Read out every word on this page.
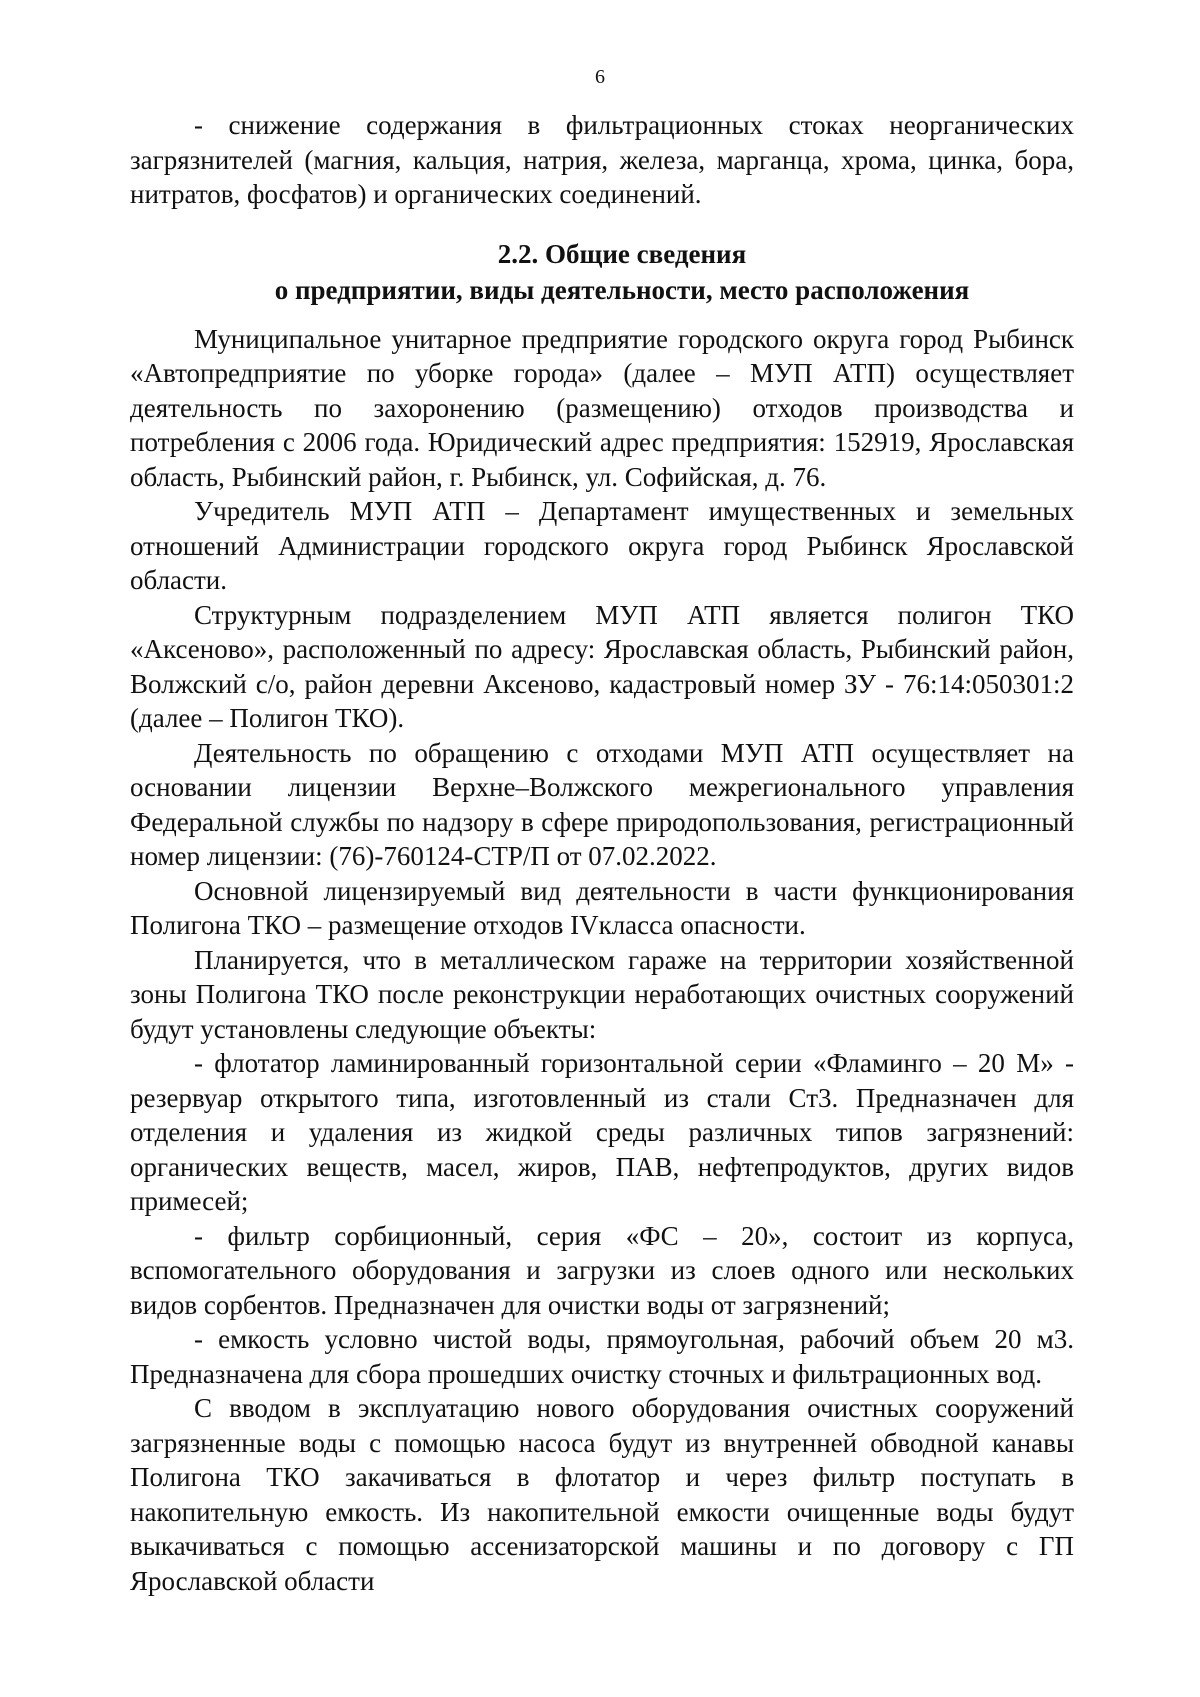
6

- снижение содержания в фильтрационных стоках неорганических загрязнителей (магния, кальция, натрия, железа, марганца, хрома, цинка, бора, нитратов, фосфатов) и органических соединений.

2.2. Общие сведения
о предприятии, виды деятельности, место расположения

Муниципальное унитарное предприятие городского округа город Рыбинск «Автопредприятие по уборке города» (далее – МУП АТП) осуществляет деятельность по захоронению (размещению) отходов производства и потребления с 2006 года. Юридический адрес предприятия: 152919, Ярославская область, Рыбинский район, г. Рыбинск, ул. Софийская, д. 76.

Учредитель МУП АТП – Департамент имущественных и земельных отношений Администрации городского округа город Рыбинск Ярославской области.

Структурным подразделением МУП АТП является полигон ТКО «Аксеново», расположенный по адресу: Ярославская область, Рыбинский район, Волжский с/о, район деревни Аксеново, кадастровый номер ЗУ - 76:14:050301:2 (далее – Полигон ТКО).

Деятельность по обращению с отходами МУП АТП осуществляет на основании лицензии Верхне–Волжского межрегионального управления Федеральной службы по надзору в сфере природопользования, регистрационный номер лицензии: (76)-760124-СТР/П от 07.02.2022.

Основной лицензируемый вид деятельности в части функционирования Полигона ТКО – размещение отходов IVкласса опасности.

Планируется, что в металлическом гараже на территории хозяйственной зоны Полигона ТКО после реконструкции неработающих очистных сооружений будут установлены следующие объекты:

- флотатор ламинированный горизонтальной серии «Фламинго – 20 М» - резервуар открытого типа, изготовленный из стали Ст3. Предназначен для отделения и удаления из жидкой среды различных типов загрязнений: органических веществ, масел, жиров, ПАВ, нефтепродуктов, других видов примесей;

- фильтр сорбиционный, серия «ФС – 20», состоит из корпуса, вспомогательного оборудования и загрузки из слоев одного или нескольких видов сорбентов. Предназначен для очистки воды от загрязнений;

- емкость условно чистой воды, прямоугольная, рабочий объем 20 м3. Предназначена для сбора прошедших очистку сточных и фильтрационных вод.

С вводом в эксплуатацию нового оборудования очистных сооружений загрязненные воды с помощью насоса будут из внутренней обводной канавы Полигона ТКО закачиваться в флотатор и через фильтр поступать в накопительную емкость. Из накопительной емкости очищенные воды будут выкачиваться с помощью ассенизаторской машины и по договору с ГП Ярославской области
